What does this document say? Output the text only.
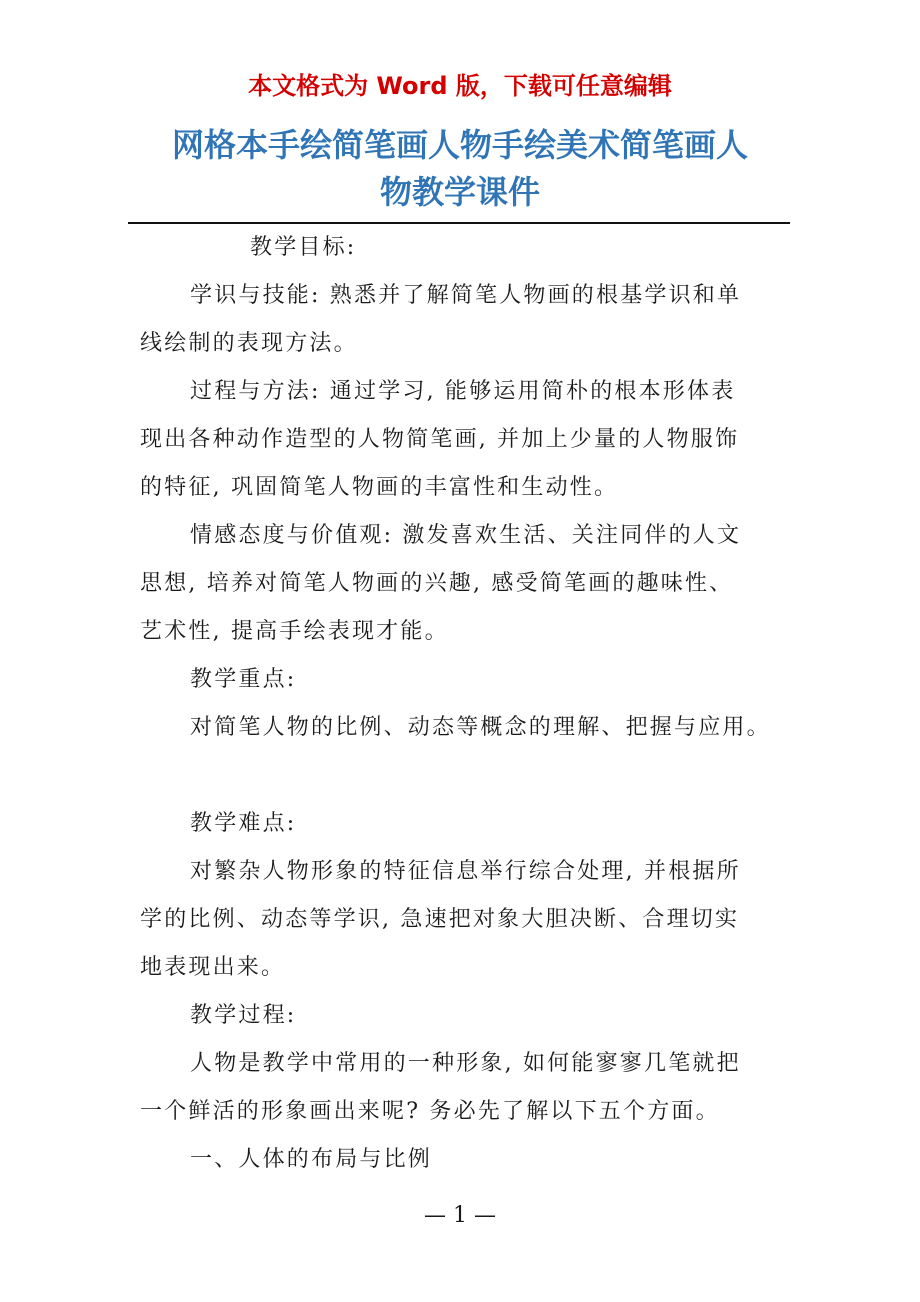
本文格式为 Word 版，下载可任意编辑
网格本手绘简笔画人物手绘美术简笔画人
物教学课件

教学目标:

学识与技能: 熟悉并了解简笔人物画的根基学识和单

线绘制的表现方法。

过程与方法: 通过学习, 能够运用简朴的根本形体表

现出各种动作造型的人物简笔画, 并加上少量的人物服饰

的特征, 巩固简笔人物画的丰富性和生动性。

情感态度与价值观: 激发喜欢生活、关注同伴的人文

思想, 培养对简笔人物画的兴趣, 感受简笔画的趣味性、

艺术性, 提高手绘表现才能。

教学重点:

对简笔人物的比例、动态等概念的理解、把握与应用。

教学难点:

对繁杂人物形象的特征信息举行综合处理, 并根据所

学的比例、动态等学识, 急速把对象大胆决断、合理切实

地表现出来。

教学过程:

人物是教学中常用的一种形象, 如何能寥寥几笔就把

一个鲜活的形象画出来呢? 务必先了解以下五个方面。

一、人体的布局与比例

— 1 —
